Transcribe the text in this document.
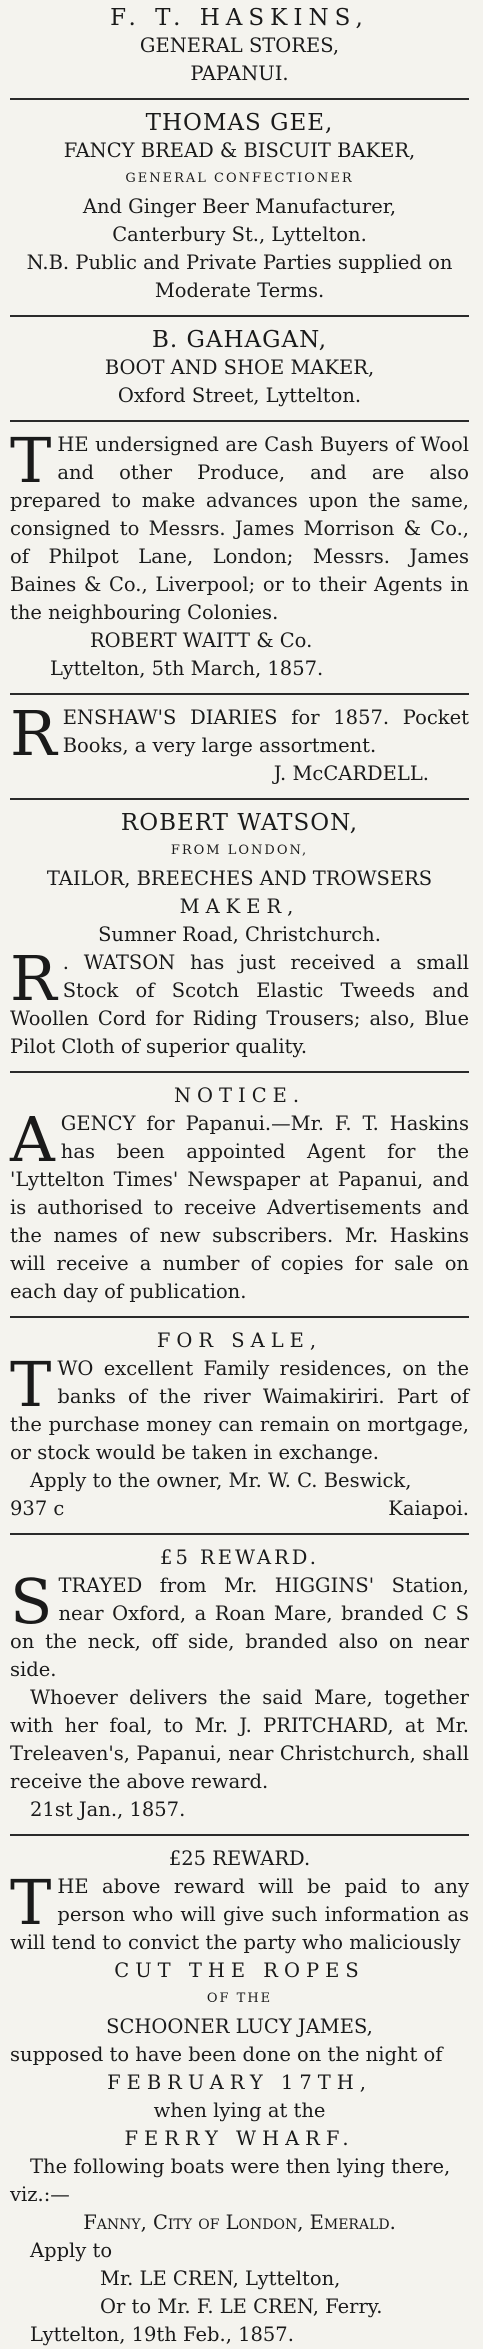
F. T. HASKINS,
GENERAL STORES,
PAPANUI.
THOMAS GEE,
FANCY BREAD & BISCUIT BAKER,
GENERAL CONFECTIONER
And Ginger Beer Manufacturer,
Canterbury St., Lyttelton.
N.B. Public and Private Parties supplied on Moderate Terms.
B. GAHAGAN,
BOOT AND SHOE MAKER,
Oxford Street, Lyttelton.
THE undersigned are Cash Buyers of Wool and other Produce, and are also prepared to make advances upon the same, consigned to Messrs. James Morrison & Co., of Philpot Lane, London; Messrs. James Baines & Co., Liverpool; or to their Agents in the neighbouring Colonies.
ROBERT WAITT & Co.
Lyttelton, 5th March, 1857.
RENSHAW'S DIARIES for 1857. Pocket Books, a very large assortment.
J. McCARDELL.
ROBERT WATSON,
FROM LONDON,
TAILOR, BREECHES AND TROWSERS
MAKER,
Sumner Road, Christchurch.
R . WATSON has just received a small Stock of Scotch Elastic Tweeds and Woollen Cord for Riding Trousers; also, Blue Pilot Cloth of superior quality.
NOTICE.
AGENCY for Papanui.—Mr. F. T. Haskins has been appointed Agent for the 'Lyttelton Times' Newspaper at Papanui, and is authorised to receive Advertisements and the names of new subscribers. Mr. Haskins will receive a number of copies for sale on each day of publication.
FOR SALE,
TWO excellent Family residences, on the banks of the river Waimakiriri. Part of the purchase money can remain on mortgage, or stock would be taken in exchange.
Apply to the owner, Mr. W. C. Beswick,
937 c	Kaiapoi.
£5 REWARD.
STRAYED from Mr. HIGGINS' Station, near Oxford, a Roan Mare, branded C S on the neck, off side, branded also on near side.
Whoever delivers the said Mare, together with her foal, to Mr. J. PRITCHARD, at Mr. Treleaven's, Papanui, near Christchurch, shall receive the above reward.
21st Jan., 1857.
£25 REWARD.
THE above reward will be paid to any person who will give such information as will tend to convict the party who maliciously
CUT THE ROPES
OF THE
SCHOONER LUCY JAMES,
supposed to have been done on the night of
FEBRUARY 17TH,
when lying at the
FERRY WHARF.
The following boats were then lying there, viz.:—
Fanny, City of London, Emerald.
Apply to
Mr. LE CREN, Lyttelton,
Or to Mr. F. LE CREN, Ferry.
Lyttelton, 19th Feb., 1857.
